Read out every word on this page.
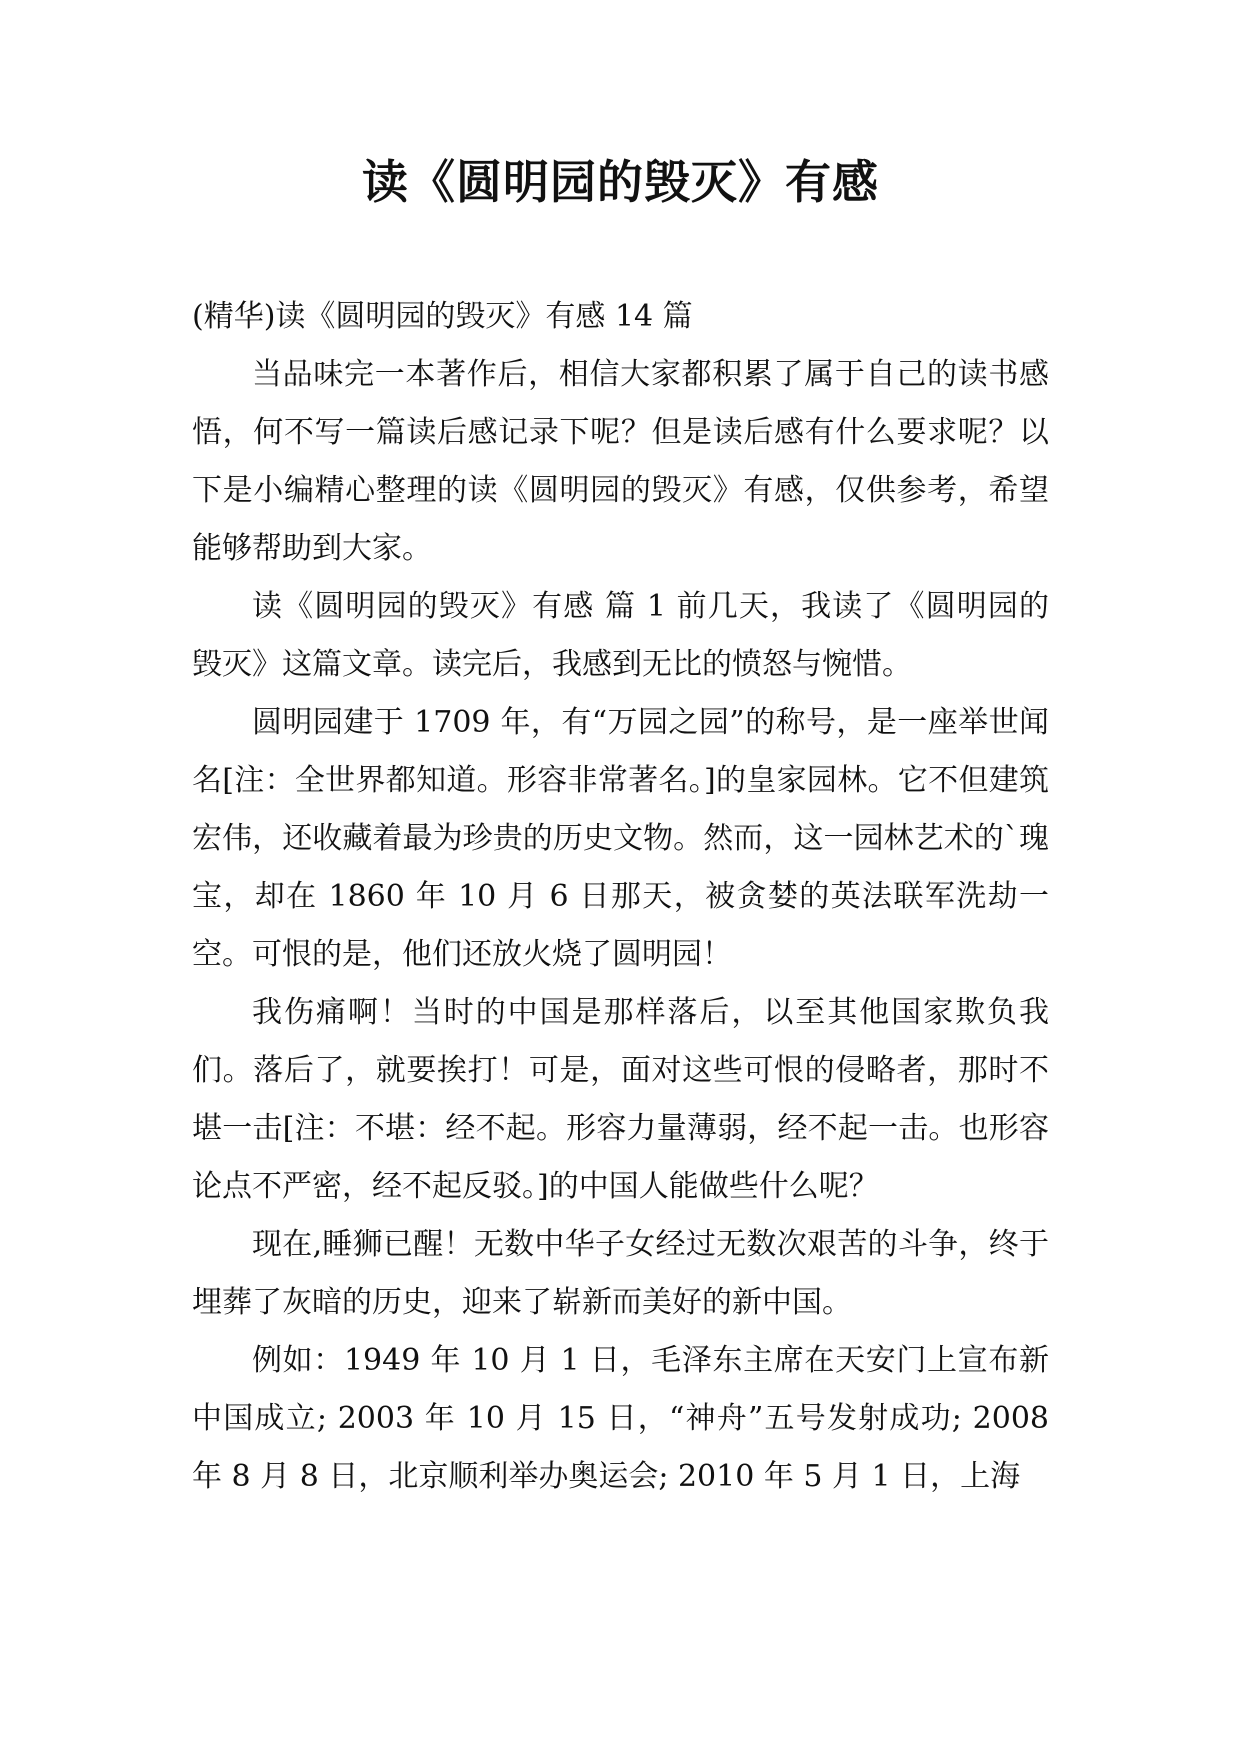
读《圆明园的毁灭》有感

(精华)读《圆明园的毁灭》有感 14 篇

当品味完一本著作后，相信大家都积累了属于自己的读书感悟，何不写一篇读后感记录下呢？但是读后感有什么要求呢？以下是小编精心整理的读《圆明园的毁灭》有感，仅供参考，希望能够帮助到大家。

读《圆明园的毁灭》有感 篇 1 前几天，我读了《圆明园的毁灭》这篇文章。读完后，我感到无比的愤怒与惋惜。

圆明园建于 1709 年，有“万园之园”的称号，是一座举世闻名[注：全世界都知道。形容非常著名。]的皇家园林。它不但建筑宏伟，还收藏着最为珍贵的历史文物。然而，这一园林艺术的`瑰宝，却在 1860 年 10 月 6 日那天，被贪婪的英法联军洗劫一空。可恨的是，他们还放火烧了圆明园！

我伤痛啊！当时的中国是那样落后，以至其他国家欺负我们。落后了，就要挨打！可是，面对这些可恨的侵略者，那时不堪一击[注：不堪：经不起。形容力量薄弱，经不起一击。也形容论点不严密，经不起反驳。]的中国人能做些什么呢？

现在,睡狮已醒！无数中华子女经过无数次艰苦的斗争，终于埋葬了灰暗的历史，迎来了崭新而美好的新中国。

例如：1949 年 10 月 1 日，毛泽东主席在天安门上宣布新中国成立; 2003 年 10 月 15 日，“神舟”五号发射成功; 2008 年 8 月 8 日，北京顺利举办奥运会; 2010 年 5 月 1 日，上海
